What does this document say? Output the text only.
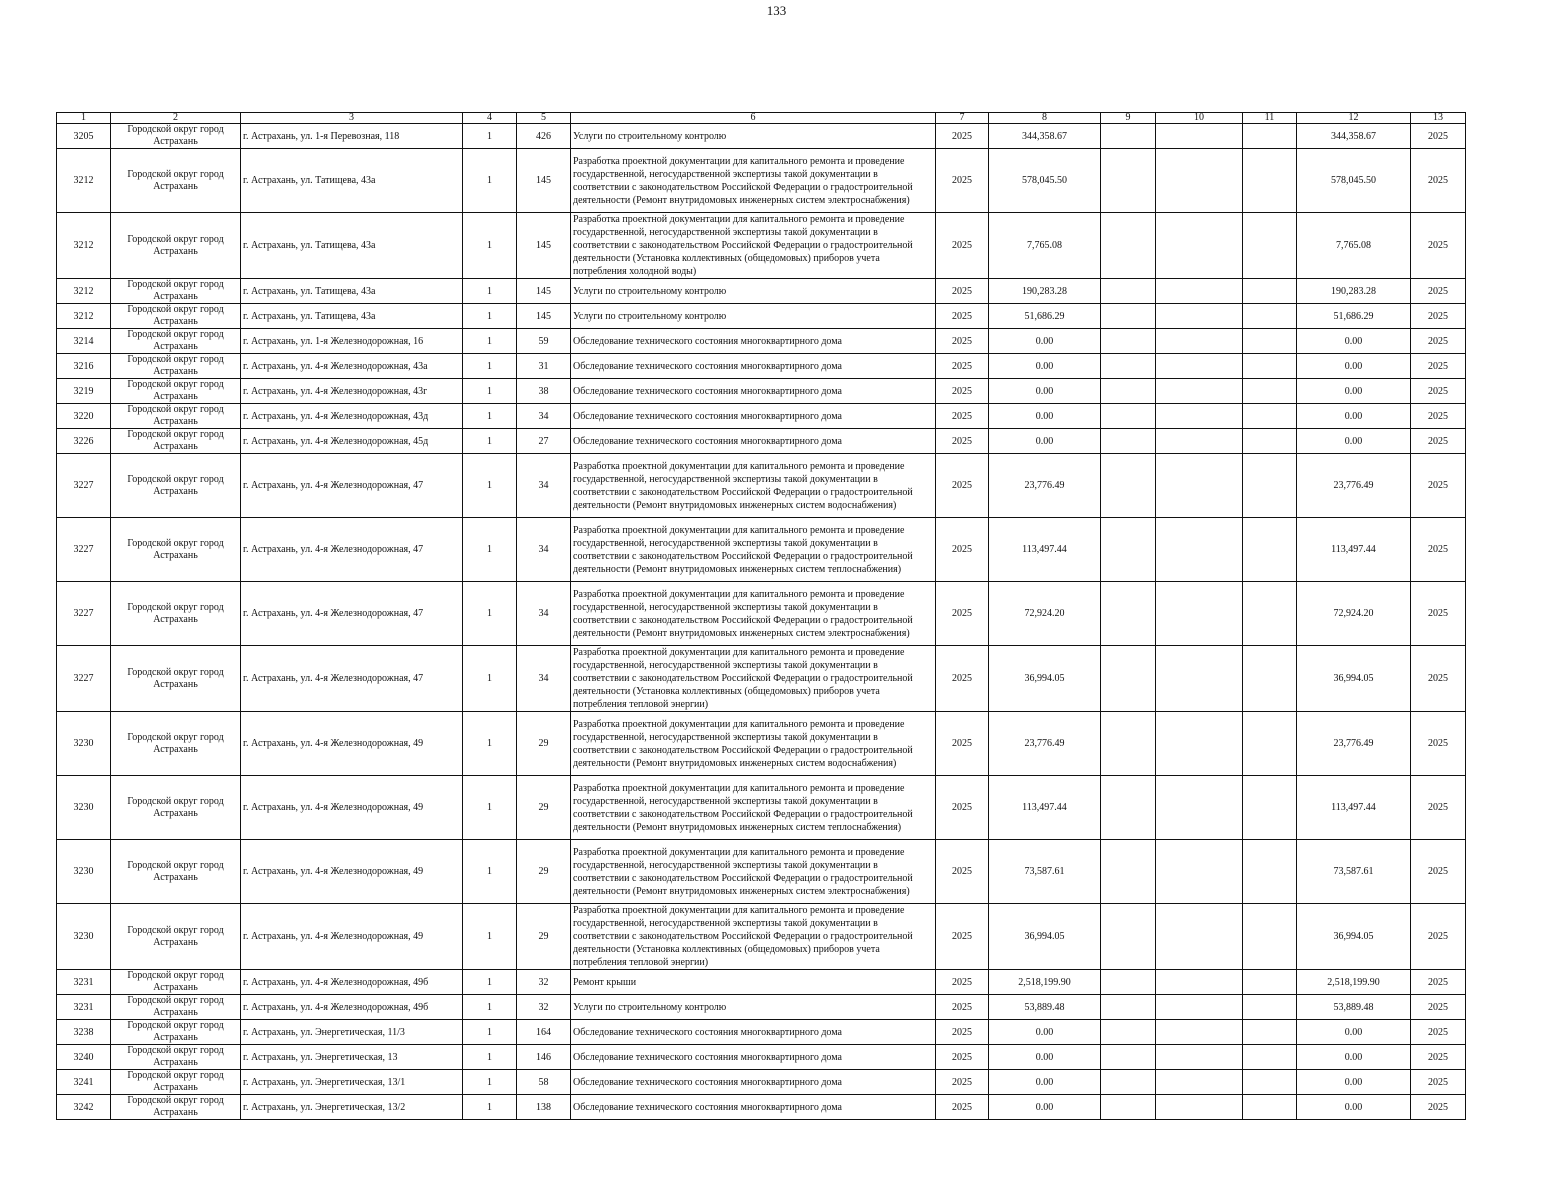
133
1	2	3	4	5	6	7	8	9	10	11	12	13
3205	Городской округ город Астрахань	г. Астрахань, ул. 1-я Перевозная, 118	1	426	Услуги по строительному контролю	2025	344,358.67				344,358.67	2025
3212	Городской округ город Астрахань	г. Астрахань, ул. Татищева, 43а	1	145	Разработка проектной документации для капитального ремонта и проведение государственной, негосударственной экспертизы такой документации в соответствии с законодательством Российской Федерации о градостроительной деятельности (Ремонт внутридомовых инженерных систем электроснабжения)	2025	578,045.50				578,045.50	2025
3212	Городской округ город Астрахань	г. Астрахань, ул. Татищева, 43а	1	145	Разработка проектной документации для капитального ремонта и проведение государственной, негосударственной экспертизы такой документации в соответствии с законодательством Российской Федерации о градостроительной деятельности (Установка коллективных (общедомовых) приборов учета потребления холодной воды)	2025	7,765.08				7,765.08	2025
3212	Городской округ город Астрахань	г. Астрахань, ул. Татищева, 43а	1	145	Услуги по строительному контролю	2025	190,283.28				190,283.28	2025
3212	Городской округ город Астрахань	г. Астрахань, ул. Татищева, 43а	1	145	Услуги по строительному контролю	2025	51,686.29				51,686.29	2025
3214	Городской округ город Астрахань	г. Астрахань, ул. 1-я Железнодорожная, 16	1	59	Обследование технического состояния многоквартирного дома	2025	0.00				0.00	2025
3216	Городской округ город Астрахань	г. Астрахань, ул. 4-я Железнодорожная, 43а	1	31	Обследование технического состояния многоквартирного дома	2025	0.00				0.00	2025
3219	Городской округ город Астрахань	г. Астрахань, ул. 4-я Железнодорожная, 43г	1	38	Обследование технического состояния многоквартирного дома	2025	0.00				0.00	2025
3220	Городской округ город Астрахань	г. Астрахань, ул. 4-я Железнодорожная, 43д	1	34	Обследование технического состояния многоквартирного дома	2025	0.00				0.00	2025
3226	Городской округ город Астрахань	г. Астрахань, ул. 4-я Железнодорожная, 45д	1	27	Обследование технического состояния многоквартирного дома	2025	0.00				0.00	2025
3227	Городской округ город Астрахань	г. Астрахань, ул. 4-я Железнодорожная, 47	1	34	Разработка проектной документации для капитального ремонта и проведение государственной, негосударственной экспертизы такой документации в соответствии с законодательством Российской Федерации о градостроительной деятельности (Ремонт внутридомовых инженерных систем водоснабжения)	2025	23,776.49				23,776.49	2025
3227	Городской округ город Астрахань	г. Астрахань, ул. 4-я Железнодорожная, 47	1	34	Разработка проектной документации для капитального ремонта и проведение государственной, негосударственной экспертизы такой документации в соответствии с законодательством Российской Федерации о градостроительной деятельности (Ремонт внутридомовых инженерных систем теплоснабжения)	2025	113,497.44				113,497.44	2025
3227	Городской округ город Астрахань	г. Астрахань, ул. 4-я Железнодорожная, 47	1	34	Разработка проектной документации для капитального ремонта и проведение государственной, негосударственной экспертизы такой документации в соответствии с законодательством Российской Федерации о градостроительной деятельности (Ремонт внутридомовых инженерных систем электроснабжения)	2025	72,924.20				72,924.20	2025
3227	Городской округ город Астрахань	г. Астрахань, ул. 4-я Железнодорожная, 47	1	34	Разработка проектной документации для капитального ремонта и проведение государственной, негосударственной экспертизы такой документации в соответствии с законодательством Российской Федерации о градостроительной деятельности (Установка коллективных (общедомовых) приборов учета потребления тепловой энергии)	2025	36,994.05				36,994.05	2025
3230	Городской округ город Астрахань	г. Астрахань, ул. 4-я Железнодорожная, 49	1	29	Разработка проектной документации для капитального ремонта и проведение государственной, негосударственной экспертизы такой документации в соответствии с законодательством Российской Федерации о градостроительной деятельности (Ремонт внутридомовых инженерных систем водоснабжения)	2025	23,776.49				23,776.49	2025
3230	Городской округ город Астрахань	г. Астрахань, ул. 4-я Железнодорожная, 49	1	29	Разработка проектной документации для капитального ремонта и проведение государственной, негосударственной экспертизы такой документации в соответствии с законодательством Российской Федерации о градостроительной деятельности (Ремонт внутридомовых инженерных систем теплоснабжения)	2025	113,497.44				113,497.44	2025
3230	Городской округ город Астрахань	г. Астрахань, ул. 4-я Железнодорожная, 49	1	29	Разработка проектной документации для капитального ремонта и проведение государственной, негосударственной экспертизы такой документации в соответствии с законодательством Российской Федерации о градостроительной деятельности (Ремонт внутридомовых инженерных систем электроснабжения)	2025	73,587.61				73,587.61	2025
3230	Городской округ город Астрахань	г. Астрахань, ул. 4-я Железнодорожная, 49	1	29	Разработка проектной документации для капитального ремонта и проведение государственной, негосударственной экспертизы такой документации в соответствии с законодательством Российской Федерации о градостроительной деятельности (Установка коллективных (общедомовых) приборов учета потребления тепловой энергии)	2025	36,994.05				36,994.05	2025
3231	Городской округ город Астрахань	г. Астрахань, ул. 4-я Железнодорожная, 49б	1	32	Ремонт крыши	2025	2,518,199.90				2,518,199.90	2025
3231	Городской округ город Астрахань	г. Астрахань, ул. 4-я Железнодорожная, 49б	1	32	Услуги по строительному контролю	2025	53,889.48				53,889.48	2025
3238	Городской округ город Астрахань	г. Астрахань, ул. Энергетическая, 11/3	1	164	Обследование технического состояния многоквартирного дома	2025	0.00				0.00	2025
3240	Городской округ город Астрахань	г. Астрахань, ул. Энергетическая, 13	1	146	Обследование технического состояния многоквартирного дома	2025	0.00				0.00	2025
3241	Городской округ город Астрахань	г. Астрахань, ул. Энергетическая, 13/1	1	58	Обследование технического состояния многоквартирного дома	2025	0.00				0.00	2025
3242	Городской округ город Астрахань	г. Астрахань, ул. Энергетическая, 13/2	1	138	Обследование технического состояния многоквартирного дома	2025	0.00				0.00	2025
